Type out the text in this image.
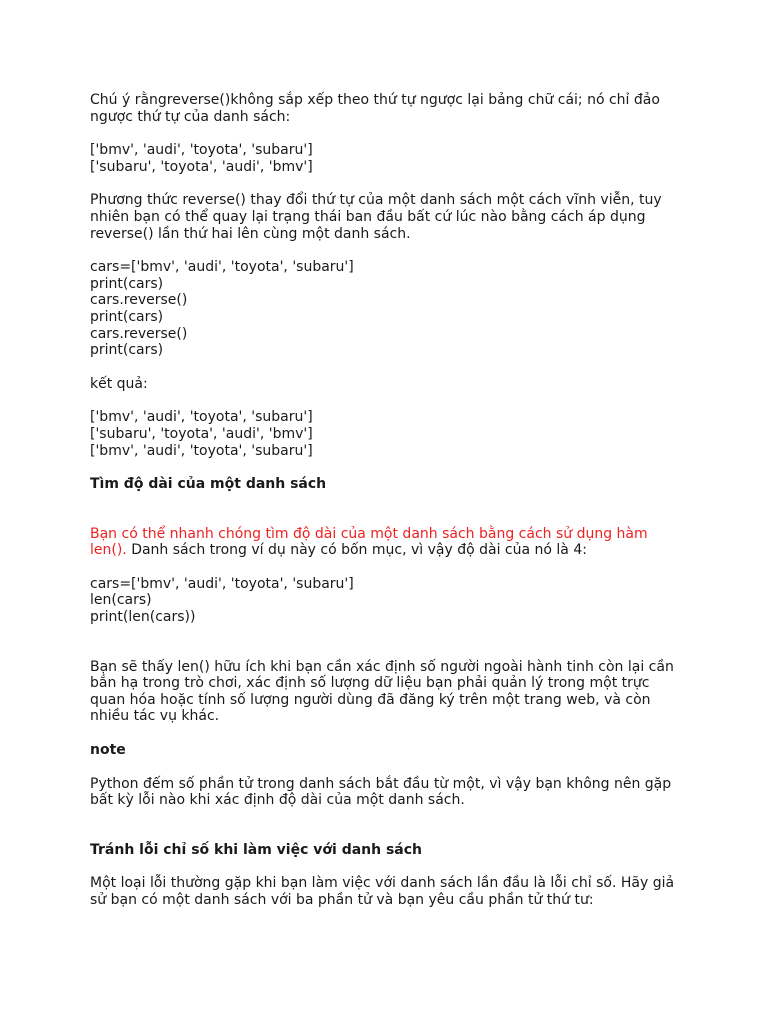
Chú ý rằngreverse()không sắp xếp theo thứ tự ngược lại bảng chữ cái; nó chỉ đảo
ngược thứ tự của danh sách:

['bmv', 'audi', 'toyota', 'subaru']

['subaru', 'toyota', 'audi', 'bmv']

Phương thức reverse() thay đổi thứ tự của một danh sách một cách vĩnh viễn, tuy
nhiên bạn có thể quay lại trạng thái ban đầu bất cứ lúc nào bằng cách áp dụng
reverse() lần thứ hai lên cùng một danh sách.

cars=['bmv', 'audi', 'toyota', 'subaru']

print(cars)

cars.reverse()

print(cars)

cars.reverse()

print(cars)

kết quả:

['bmv', 'audi', 'toyota', 'subaru']

['subaru', 'toyota', 'audi', 'bmv']

['bmv', 'audi', 'toyota', 'subaru']

Tìm độ dài của một danh sách

Bạn có thể nhanh chóng tìm độ dài của một danh sách bằng cách sử dụng hàm
len(). Danh sách trong ví dụ này có bốn mục, vì vậy độ dài của nó là 4:

cars=['bmv', 'audi', 'toyota', 'subaru']

len(cars)

print(len(cars))

Bạn sẽ thấy len() hữu ích khi bạn cần xác định số người ngoài hành tinh còn lại cần
bắn hạ trong trò chơi, xác định số lượng dữ liệu bạn phải quản lý trong một trực
quan hóa hoặc tính số lượng người dùng đã đăng ký trên một trang web, và còn
nhiều tác vụ khác.

note

Python đếm số phần tử trong danh sách bắt đầu từ một, vì vậy bạn không nên gặp
bất kỳ lỗi nào khi xác định độ dài của một danh sách.

Tránh lỗi chỉ số khi làm việc với danh sách

Một loại lỗi thường gặp khi bạn làm việc với danh sách lần đầu là lỗi chỉ số. Hãy giả
sử bạn có một danh sách với ba phần tử và bạn yêu cầu phần tử thứ tư:
